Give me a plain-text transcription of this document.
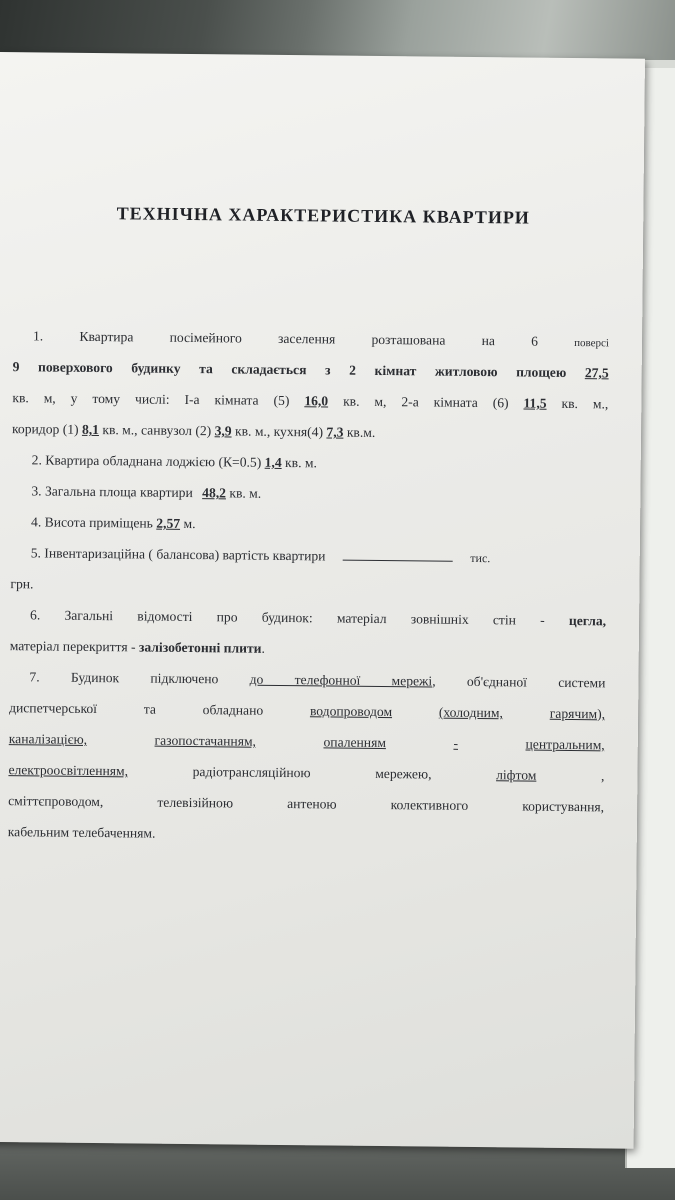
ТЕХНІЧНА ХАРАКТЕРИСТИКА КВАРТИРИ
1. Квартира посімейного заселення розташована на	6	поверсі
9 поверхового будинку та складається з 2 кімнат житловою площею 27,5
кв. м, у тому числі: І-а кімната (5) 16,0 кв. м, 2-а кімната (6) 11,5 кв. м.,
коридор (1) 8,1 кв. м., санвузол (2) 3,9 кв. м., кухня(4) 7,3 кв.м.
2. Квартира обладнана лоджією (К=0.5) 1,4 кв. м.
3. Загальна площа квартири 48,2 кв. м.
4. Висота приміщень 2,57 м.
5. Інвентаризаційна ( балансова) вартість квартири	тис.
грн.
6. Загальні відомості про будинок: матеріал зовнішніх стін - цегла,
матеріал перекриття - залізобетонні плити.
7. Будинок підключено до телефонної мережі, об'єднаної системи
диспетчерської та обладнано	водопроводом	(холодним,	гарячим),
каналізацією,	газопостачанням,	опаленням	-	центральним,
електроосвітленням,	радіотрансляційною	мережею,	ліфтом	,
сміттєпроводом, телевізійною антеною колективного користування,
кабельним телебаченням.
